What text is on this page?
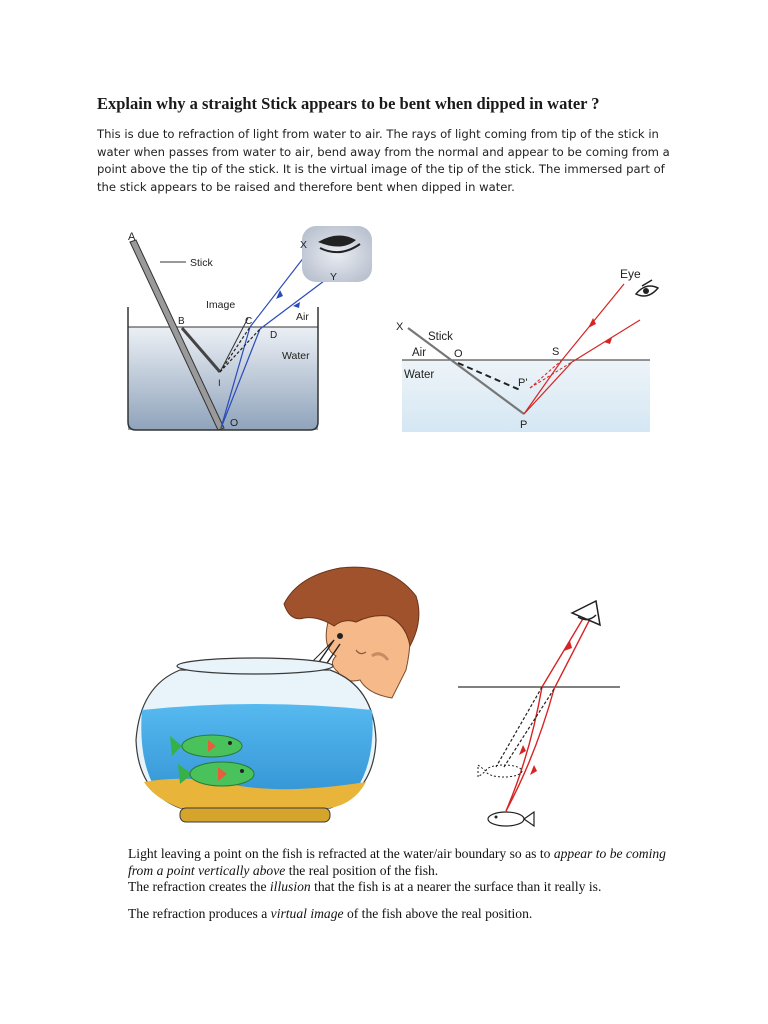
Explain why a straight Stick appears to be bent when dipped in water ?

This is due to refraction of light from water to air. The rays of light coming from tip of the stick in water when passes from water to air, bend away from the normal and appear to be coming from a point above the tip of the stick. It is the virtual image of the tip of the stick. The immersed part of the stick appears to be raised and therefore bent when dipped in water.

A
Stick
X
Y
Image
B	C
D
Air
Water
I
O
Eye
X
Stick
Air	O	S
Water
P'
P

Light leaving a point on the fish is refracted at the water/air boundary so as to appear to be coming from a point vertically above the real position of the fish.

The refraction creates the illusion that the fish is at a nearer the surface than it really is.

The refraction produces a virtual image of the fish above the real position.
